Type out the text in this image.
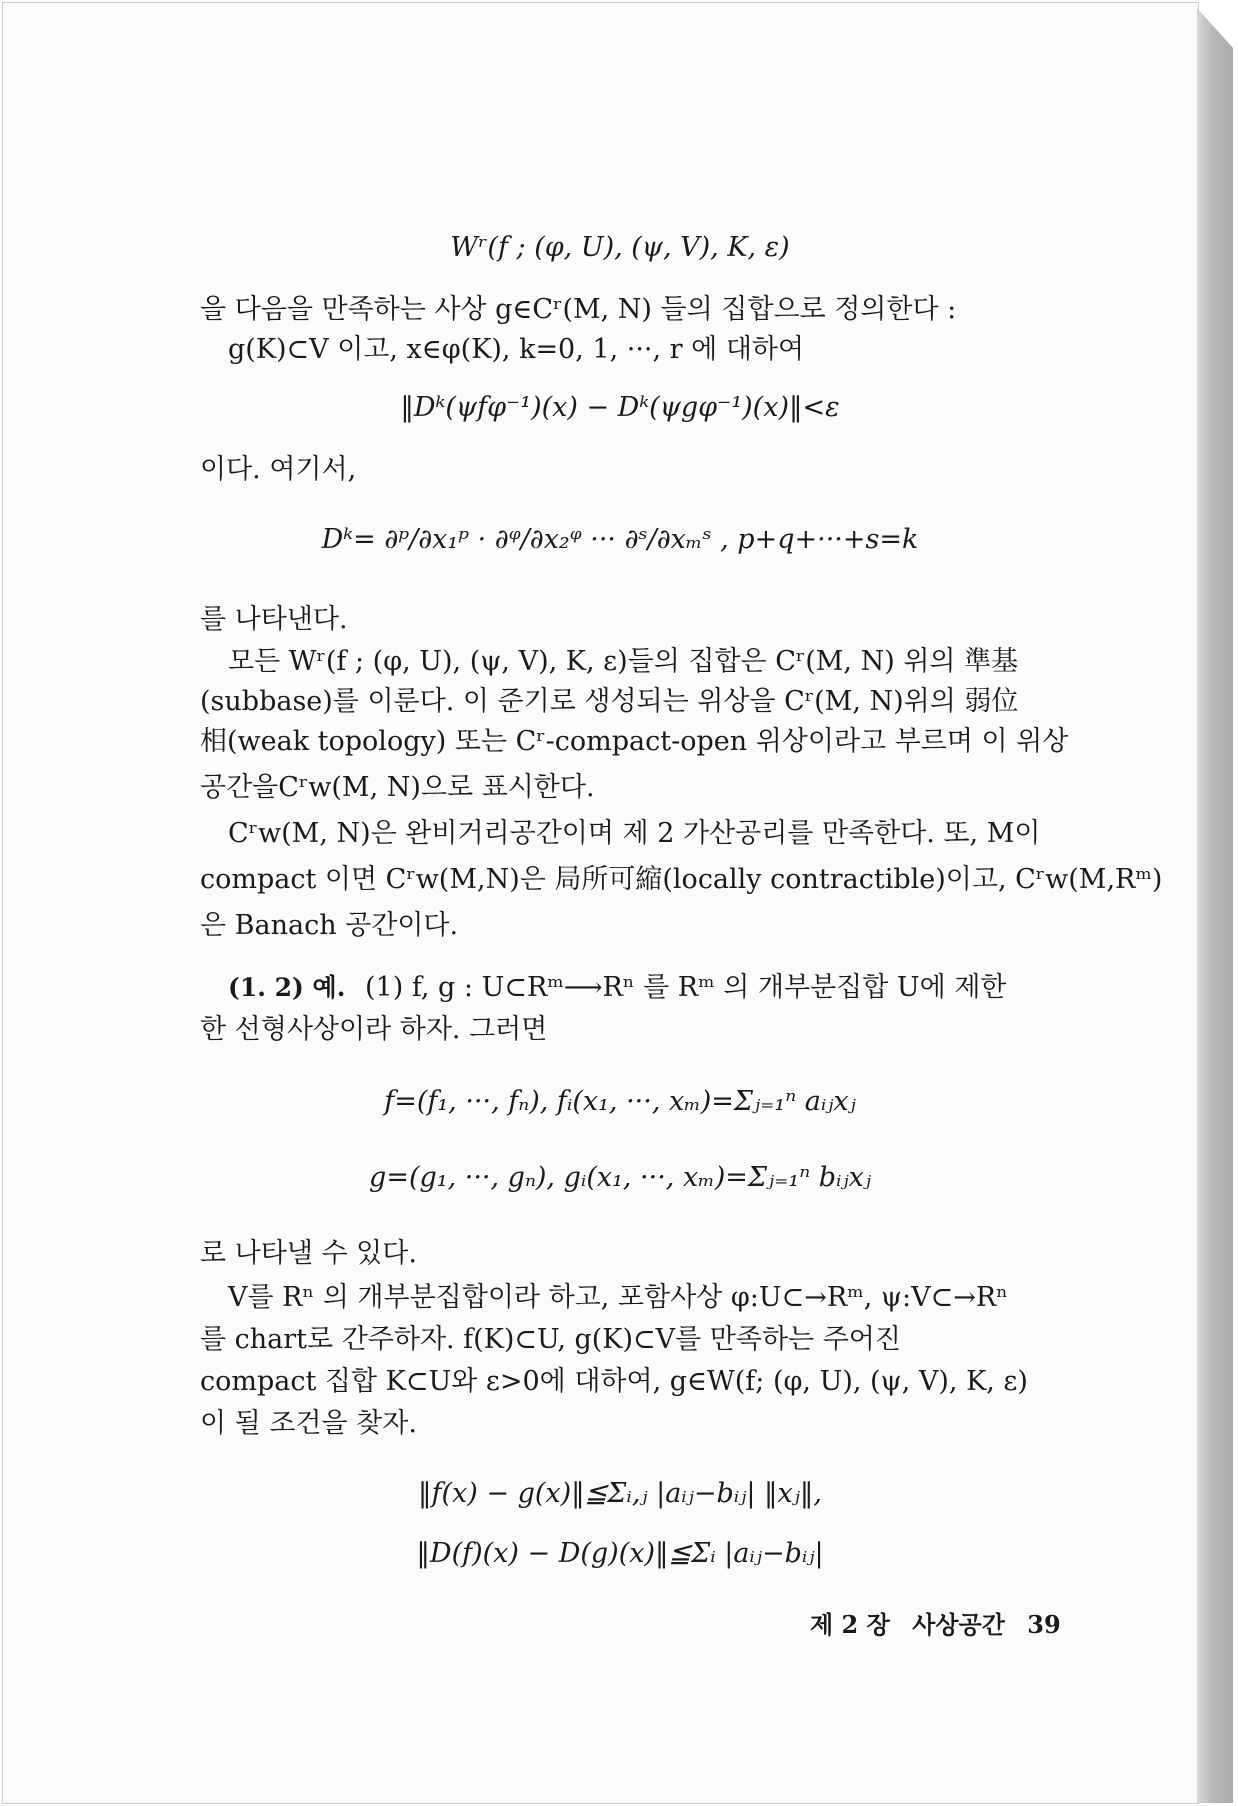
Wʳ(f ; (φ, U), (ψ, V), K, ε)
을 다음을 만족하는 사상 g∈Cʳ(M, N) 들의 집합으로 정의한다 :
g(K)⊂V 이고, x∈φ(K), k=0, 1, ···, r 에 대하여
‖Dᵏ(ψfφ⁻¹)(x) − Dᵏ(ψgφ⁻¹)(x)‖<ε
이다. 여기서,
Dᵏ= ∂ᵖ/∂x₁ᵖ · ∂ᵠ/∂x₂ᵠ ··· ∂ˢ/∂xₘˢ , p+q+···+s=k
를 나타낸다.
모든 Wʳ(f ; (φ, U), (ψ, V), K, ε)들의 집합은 Cʳ(M, N) 위의 準基
(subbase)를 이룬다. 이 준기로 생성되는 위상을 Cʳ(M, N)위의 弱位
相(weak topology) 또는 Cʳ-compact-open 위상이라고 부르며 이 위상
공간을Cʳw(M, N)으로 표시한다.
Cʳw(M, N)은 완비거리공간이며 제 2 가산공리를 만족한다. 또, M이
compact 이면 Cʳw(M,N)은 局所可縮(locally contractible)이고, Cʳw(M,Rᵐ)
은 Banach 공간이다.
(1. 2) 예. (1) f, g : U⊂Rᵐ⟶Rⁿ 를 Rᵐ 의 개부분집합 U에 제한
한 선형사상이라 하자. 그러면
f=(f₁, ···, fₙ), fᵢ(x₁, ···, xₘ)=Σⱼ₌₁ⁿ aᵢⱼxⱼ
g=(g₁, ···, gₙ), gᵢ(x₁, ···, xₘ)=Σⱼ₌₁ⁿ bᵢⱼxⱼ
로 나타낼 수 있다.
V를 Rⁿ 의 개부분집합이라 하고, 포함사상 φ:U⊂→Rᵐ, ψ:V⊂→Rⁿ
를 chart로 간주하자. f(K)⊂U, g(K)⊂V를 만족하는 주어진
compact 집합 K⊂U와 ε>0에 대하여, g∈W(f; (φ, U), (ψ, V), K, ε)
이 될 조건을 찾자.
‖f(x) − g(x)‖≦Σᵢ,ⱼ |aᵢⱼ−bᵢⱼ| ‖xⱼ‖,
‖D(f)(x) − D(g)(x)‖≦Σᵢ |aᵢⱼ−bᵢⱼ|
제 2 장 사상공간 39
